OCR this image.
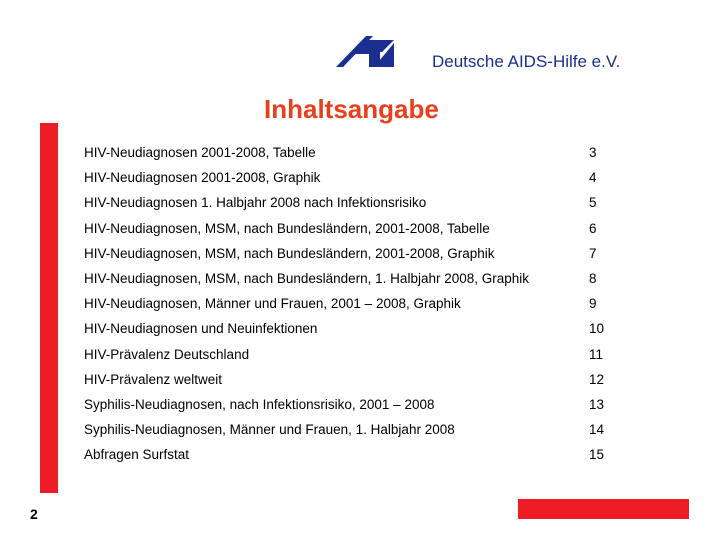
Deutsche AIDS-Hilfe e.V.
Inhaltsangabe
HIV-Neudiagnosen 2001-2008, Tabelle	3
HIV-Neudiagnosen 2001-2008, Graphik	4
HIV-Neudiagnosen 1. Halbjahr 2008 nach Infektionsrisiko	5
HIV-Neudiagnosen, MSM, nach Bundesländern, 2001-2008, Tabelle	6
HIV-Neudiagnosen, MSM, nach Bundesländern, 2001-2008, Graphik	7
HIV-Neudiagnosen, MSM, nach Bundesländern, 1. Halbjahr 2008, Graphik	8
HIV-Neudiagnosen, Männer und Frauen, 2001 – 2008, Graphik	9
HIV-Neudiagnosen und Neuinfektionen	10
HIV-Prävalenz Deutschland	11
HIV-Prävalenz weltweit	12
Syphilis-Neudiagnosen, nach Infektionsrisiko, 2001 – 2008	13
Syphilis-Neudiagnosen, Männer und Frauen, 1. Halbjahr 2008	14
Abfragen Surfstat	15
2
